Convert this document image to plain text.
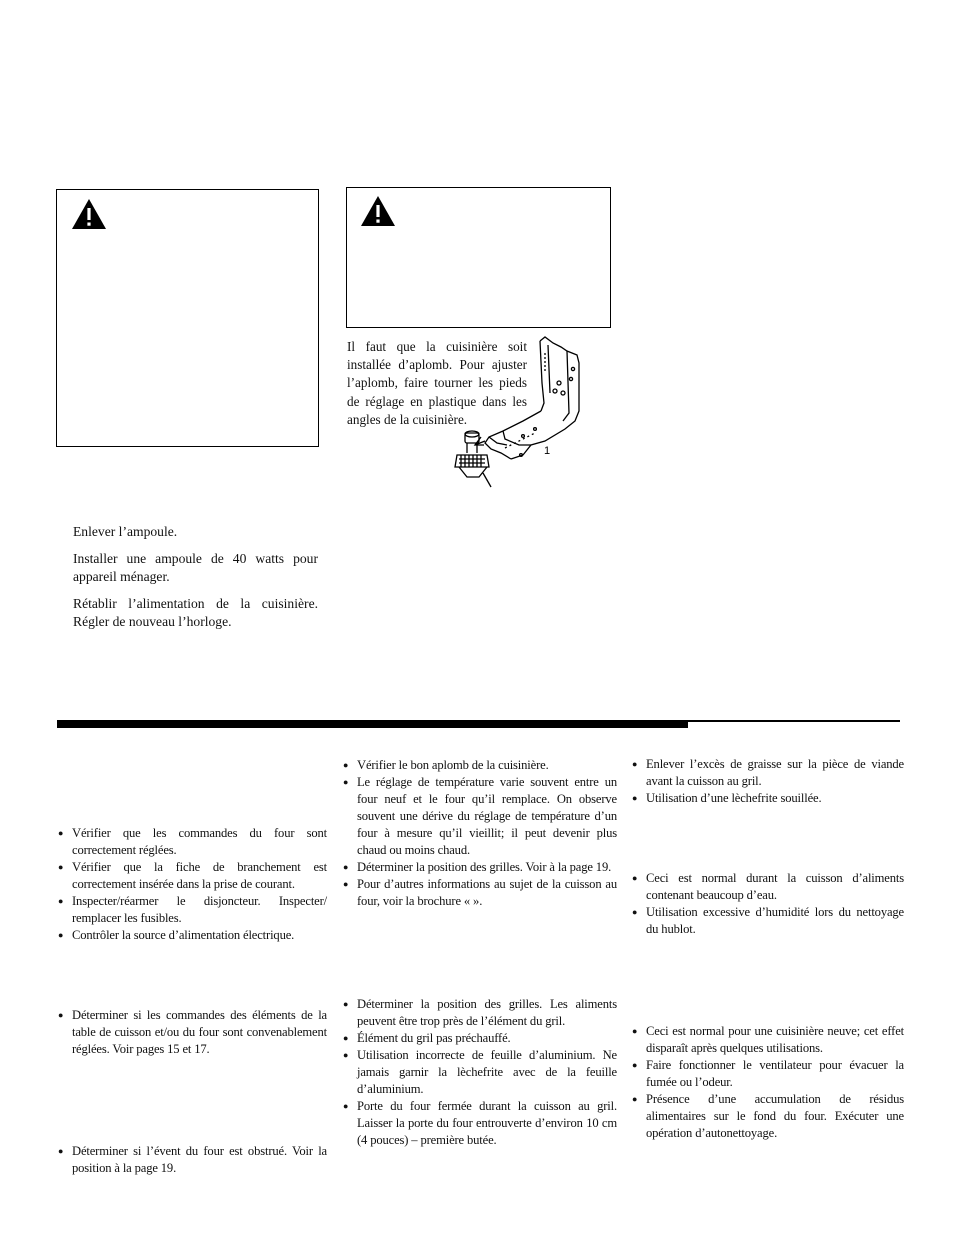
Il faut que la cuisinière soit installée d’aplomb. Pour ajuster l’aplomb, faire tourner les pieds de réglage en plastique dans les angles de la cuisinière.

1

Enlever l’ampoule.

Installer une ampoule de 40 watts pour appareil ménager.

Rétablir l’alimentation de la cuisinière. Régler de nouveau l’horloge.

● Vérifier que les commandes du four sont correctement réglées.
● Vérifier que la fiche de branchement est correctement insérée dans la prise de courant.
● Inspecter/réarmer le disjoncteur. Inspecter/ remplacer les fusibles.
● Contrôler la source d’alimentation électrique.
● Déterminer si les commandes des éléments de la table de cuisson et/ou du four sont convenablement réglées. Voir pages 15 et 17.
● Déterminer si l’évent du four est obstrué. Voir la position à la page 19.
● Vérifier le bon aplomb de la cuisinière.
● Le réglage de température varie souvent entre un four neuf et le four qu’il remplace. On observe souvent une dérive du réglage de température d’un four à mesure qu’il vieillit; il peut devenir plus chaud ou moins chaud.
● Déterminer la position des grilles. Voir à la page 19.
● Pour d’autres informations au sujet de la cuisson au four, voir la brochure « ».
● Déterminer la position des grilles. Les aliments peuvent être trop près de l’élément du gril.
● Élément du gril pas préchauffé.
● Utilisation incorrecte de feuille d’aluminium. Ne jamais garnir la lèchefrite avec de la feuille d’aluminium.
● Porte du four fermée durant la cuisson au gril. Laisser la porte du four entrouverte d’environ 10 cm (4 pouces) – première butée.
● Enlever l’excès de graisse sur la pièce de viande avant la cuisson au gril.
● Utilisation d’une lèchefrite souillée.
● Ceci est normal durant la cuisson d’aliments contenant beaucoup d’eau.
● Utilisation excessive d’humidité lors du nettoyage du hublot.
● Ceci est normal pour une cuisinière neuve; cet effet disparaît après quelques utilisations.
● Faire fonctionner le ventilateur pour évacuer la fumée ou l’odeur.
● Présence d’une accumulation de résidus alimentaires sur le fond du four. Exécuter une opération d’autonettoyage.
